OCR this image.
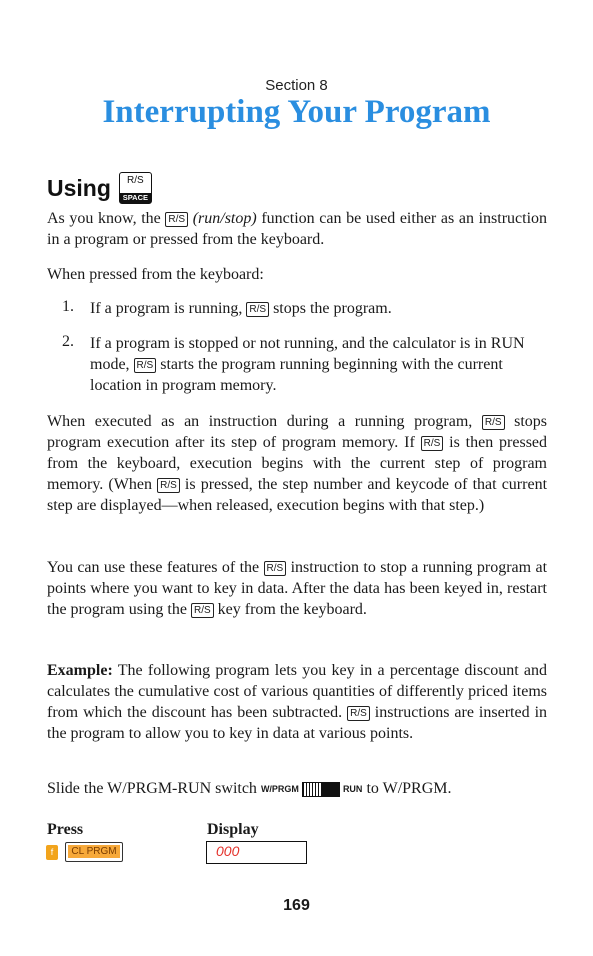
Section 8
Interrupting Your Program
Using	R/S
SPACE
As you know, the R/S (run/stop) function can be used either as an instruction in a program or pressed from the keyboard.
When pressed from the keyboard:
1. If a program is running, R/S stops the program.
2. If a program is stopped or not running, and the calculator is in RUN mode, R/S starts the program running beginning with the current location in program memory.
When executed as an instruction during a running program, R/S stops program execution after its step of program memory. If R/S is then pressed from the keyboard, execution begins with the current step of program memory. (When R/S is pressed, the step number and keycode of that current step are displayed—when released, execution begins with that step.)
You can use these features of the R/S instruction to stop a running program at points where you want to key in data. After the data has been keyed in, restart the program using the R/S key from the keyboard.
Example: The following program lets you key in a percentage discount and calculates the cumulative cost of various quantities of differently priced items from which the discount has been subtracted. R/S instructions are inserted in the program to allow you to key in data at various points.
Slide the W/PRGM-RUN switch W/PRGM	RUN to W/PRGM.
Press	Display
f	CL PRGM	000
169
